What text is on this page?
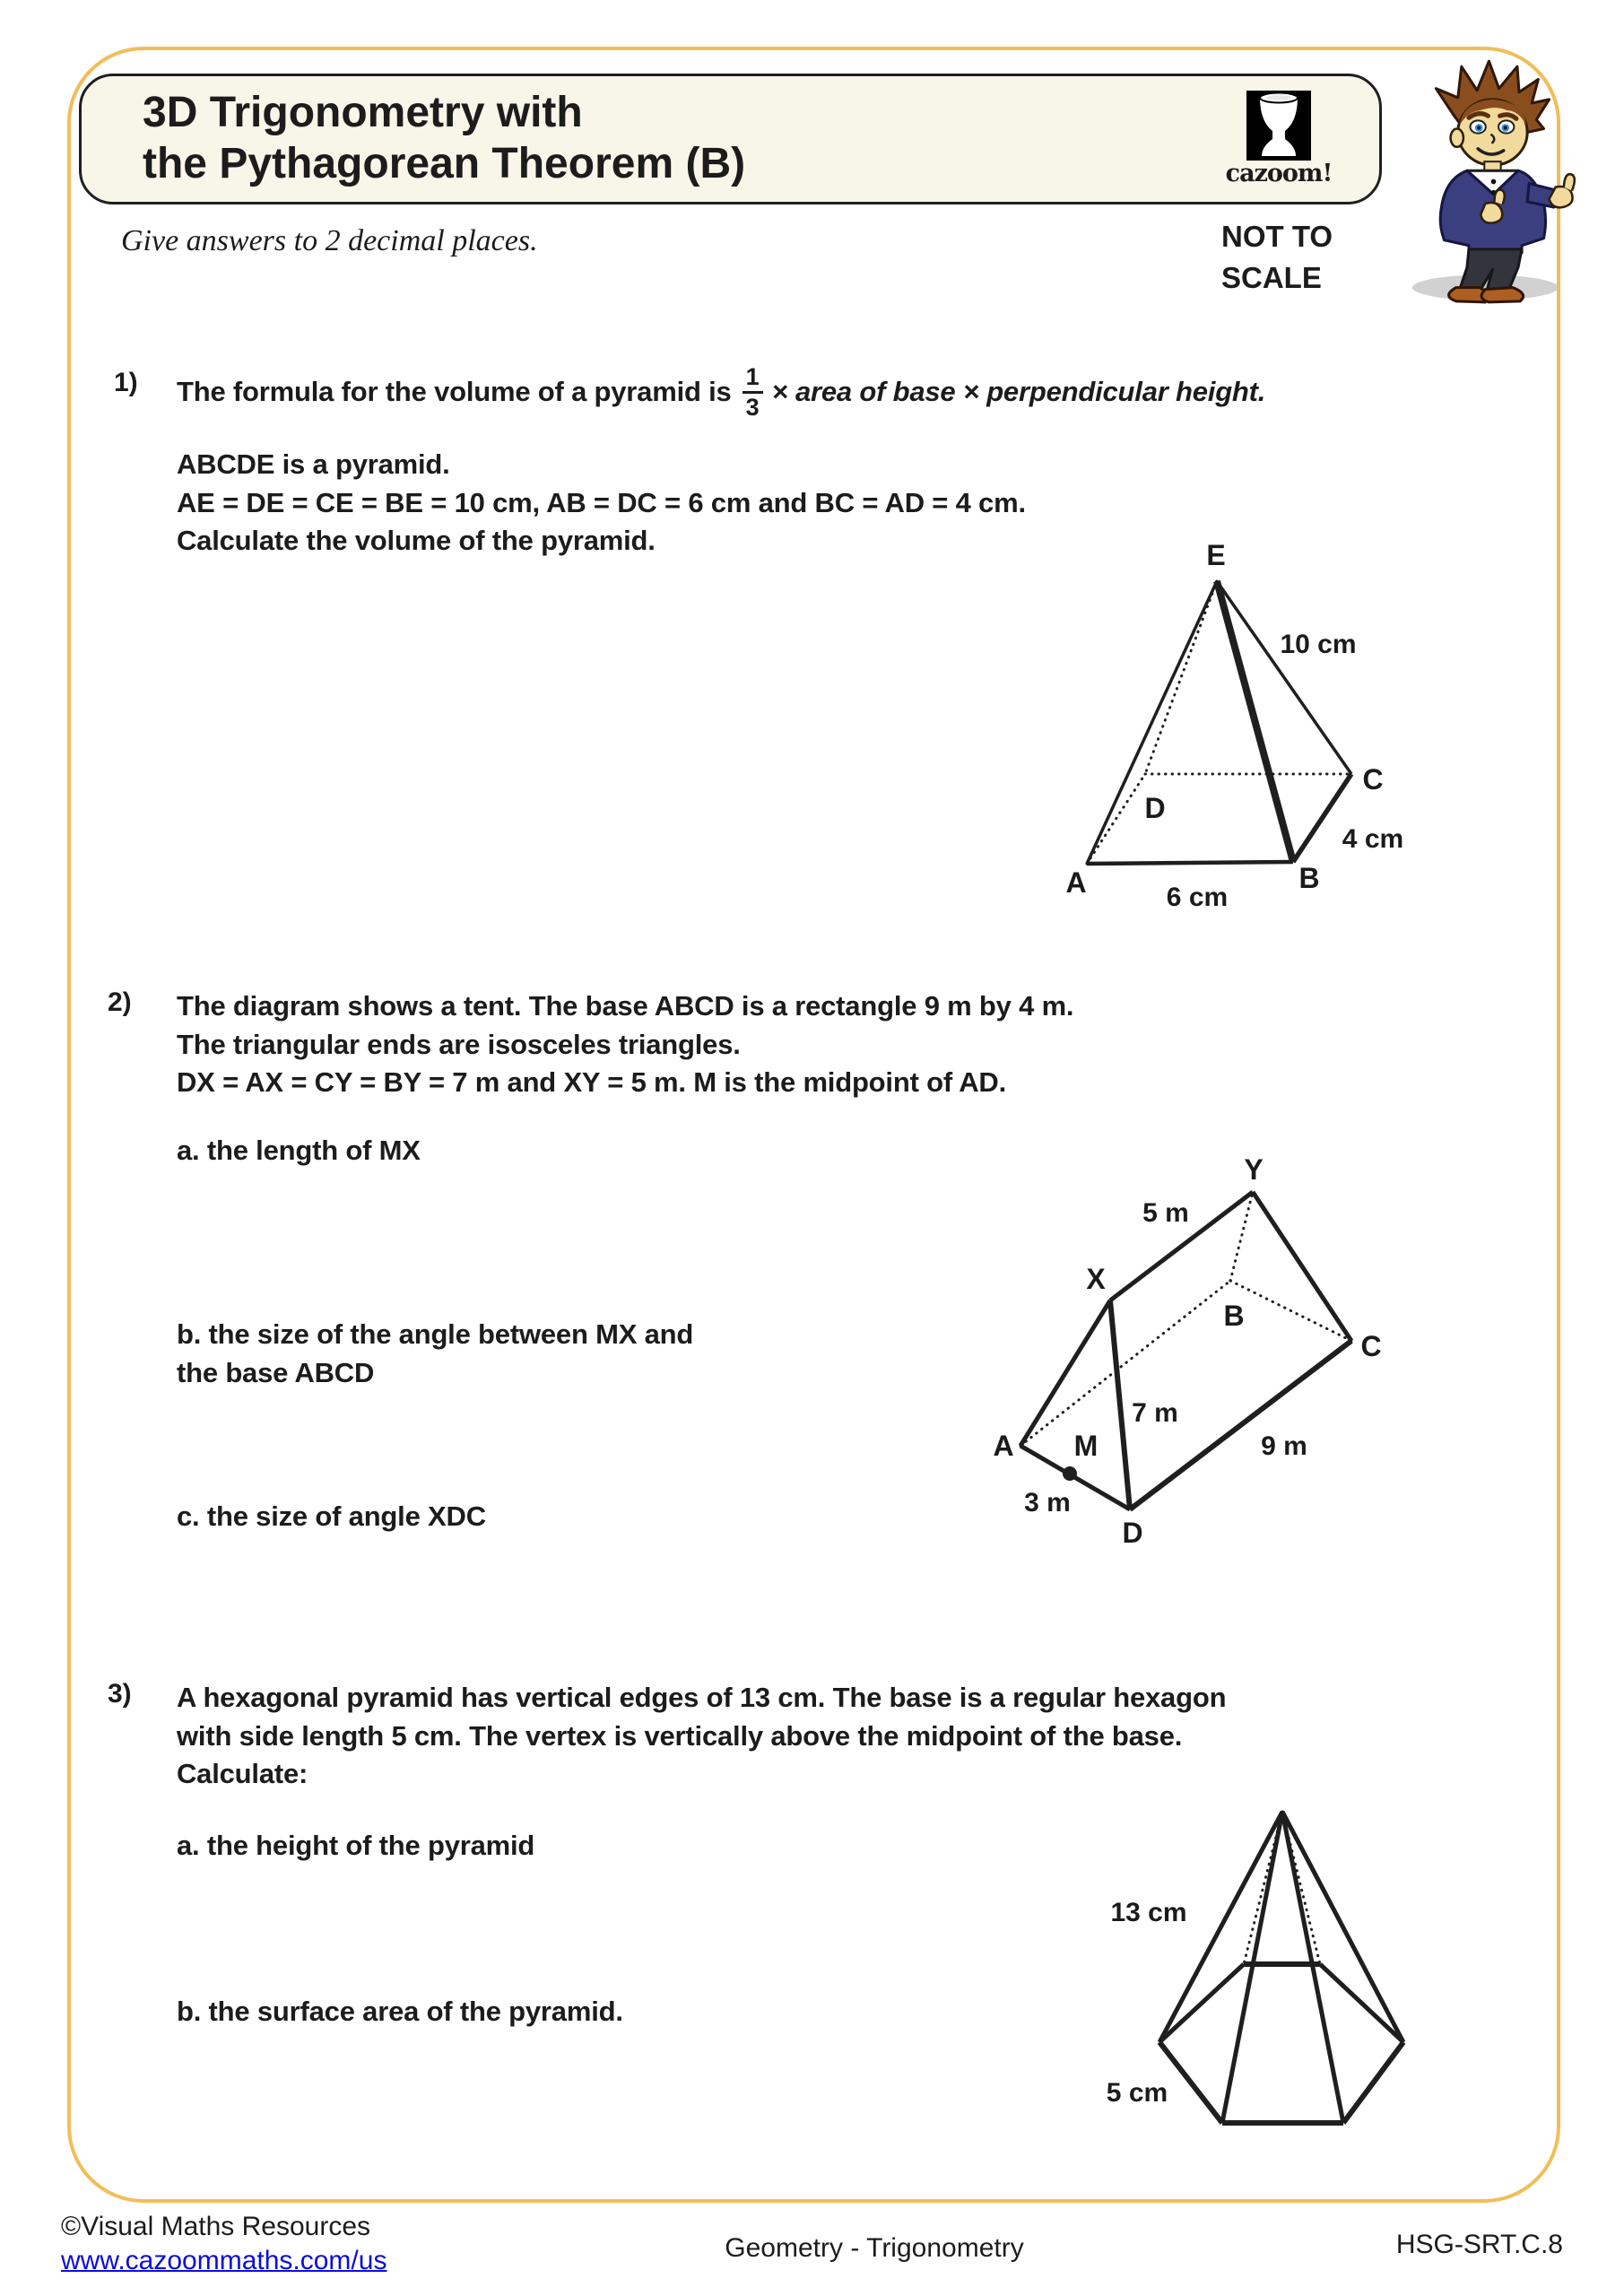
3D Trigonometry with
the Pythagorean Theorem (B)	cazoom!
NOT TO
SCALE
Give answers to 2 decimal places.
1) The formula for the volume of a pyramid is $\frac{1}{3}$ × area of base × perpendicular height.
ABCDE is a pyramid.
AE = DE = CE = BE = 10 cm, AB = DC = 6 cm and BC = AD = 4 cm.
Calculate the volume of the pyramid.	E
10 cm
C
4 cm
B
6 cm
A
D
2) The diagram shows a tent. The base ABCD is a rectangle 9 m by 4 m.
The triangular ends are isosceles triangles.
DX = AX = CY = BY = 7 m and XY = 5 m. M is the midpoint of AD.
a. the length of MX
b. the size of the angle between MX and
the base ABCD
c. the size of angle XDC
Y
5 m
X
B
C
7 m
9 m
A M
3 m
D
3) A hexagonal pyramid has vertical edges of 13 cm. The base is a regular hexagon
with side length 5 cm. The vertex is vertically above the midpoint of the base.
Calculate:
a. the height of the pyramid
b. the surface area of the pyramid.
13 cm
5 cm
©Visual Maths Resources
www.cazoommaths.com/us	Geometry - Trigonometry	HSG-SRT.C.8
